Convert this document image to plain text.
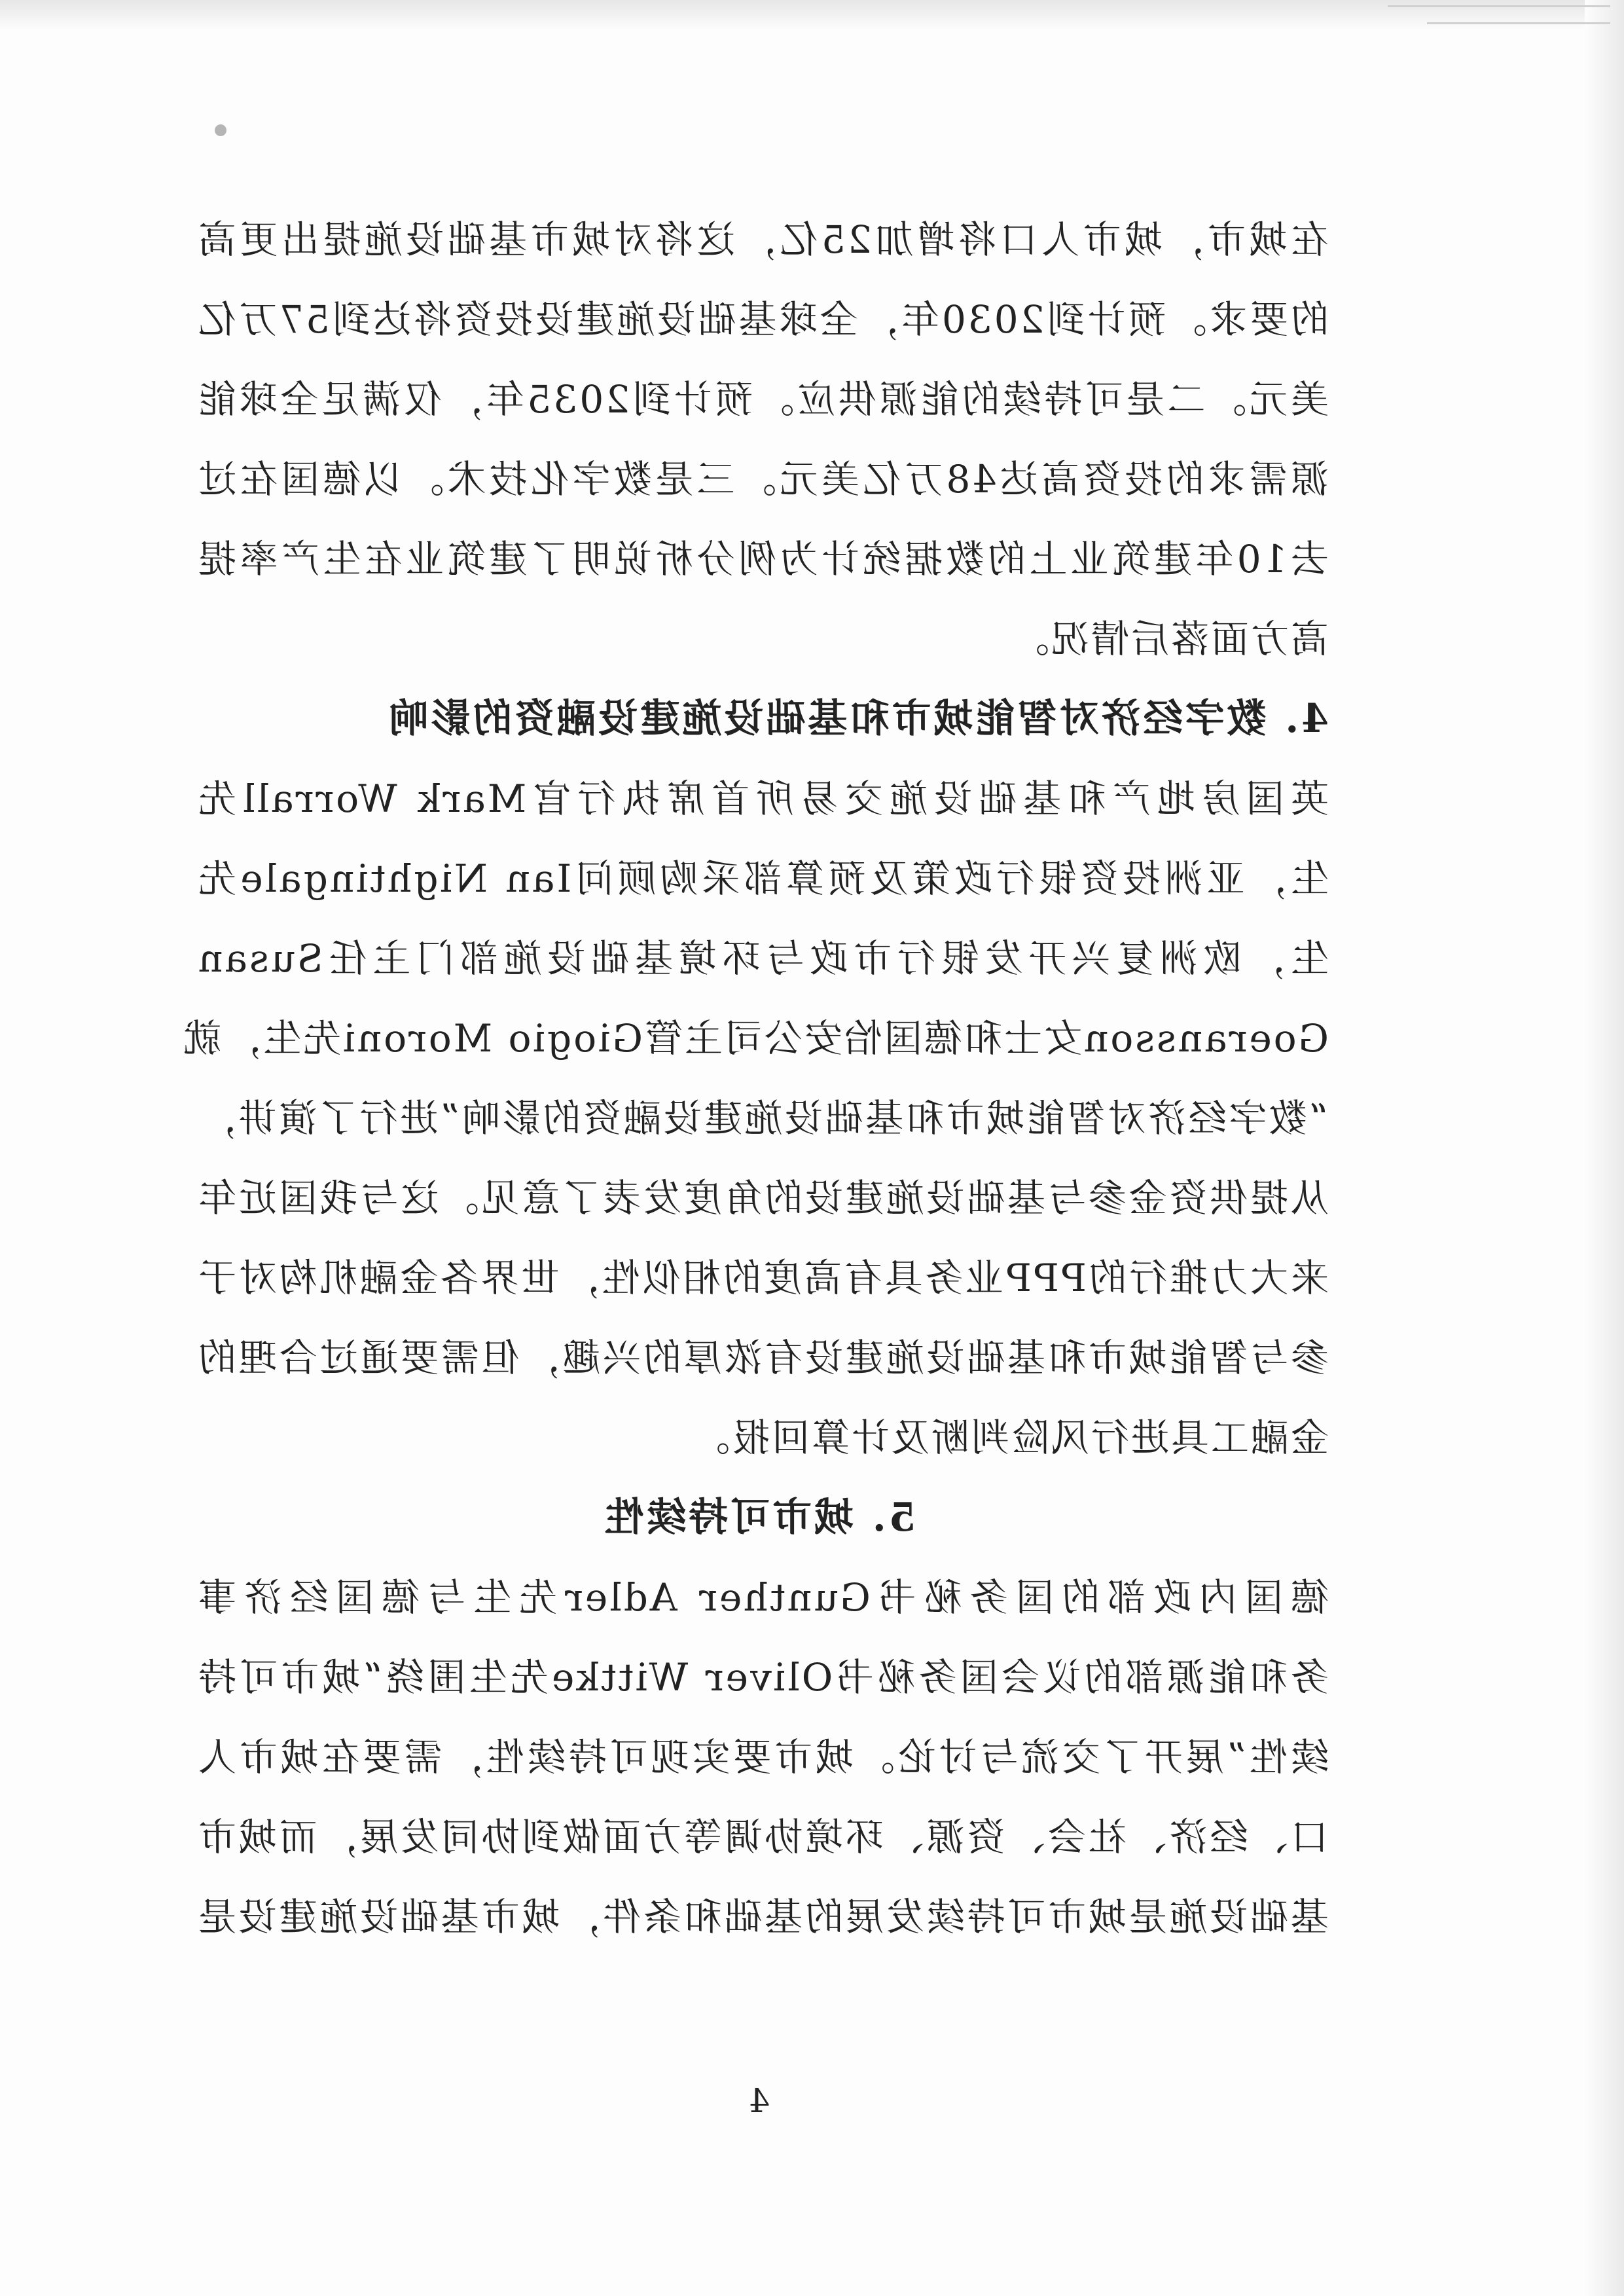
在城市，城市人口将增加25亿，这将对城市基础设施提出更高
的要求。预计到2030年，全球基础设施建设投资将达到57万亿
美元。二是可持续的能源供应。预计到2035年，仅满足全球能
源需求的投资高达48万亿美元。三是数字化技术。以德国在过
去10年建筑业上的数据统计为例分析说明了建筑业在生产率提
高方面落后情况。
4. 数字经济对智能城市和基础设施建设融资的影响
英国房地产和基础设施交易所首席执行官Mark Worrall先
生，亚洲投资银行政策及预算部采购顾问Ian Nightingale先
生，欧洲复兴开发银行市政与环境基础设施部门主任Susan
Goeransson女士和德国怡安公司主管Giogio Moroni先生，就
“数字经济对智能城市和基础设施建设融资的影响”进行了演讲，
从提供资金参与基础设施建设的角度发表了意见。这与我国近年
来大力推行的PPP业务具有高度的相似性，世界各金融机构对于
参与智能城市和基础设施建设有浓厚的兴趣，但需要通过合理的
金融工具进行风险判断及计算回报。
5. 城市可持续性
德国内政部的国务秘书Gunther Adler先生与德国经济事
务和能源部的议会国务秘书Oliver Wittke先生围绕“城市可持
续性”展开了交流与讨论。城市要实现可持续性，需要在城市人
口、经济、社会、资源、环境协调等方面做到协同发展，而城市
基础设施是城市可持续发展的基础和条件，城市基础设施建设是
4
